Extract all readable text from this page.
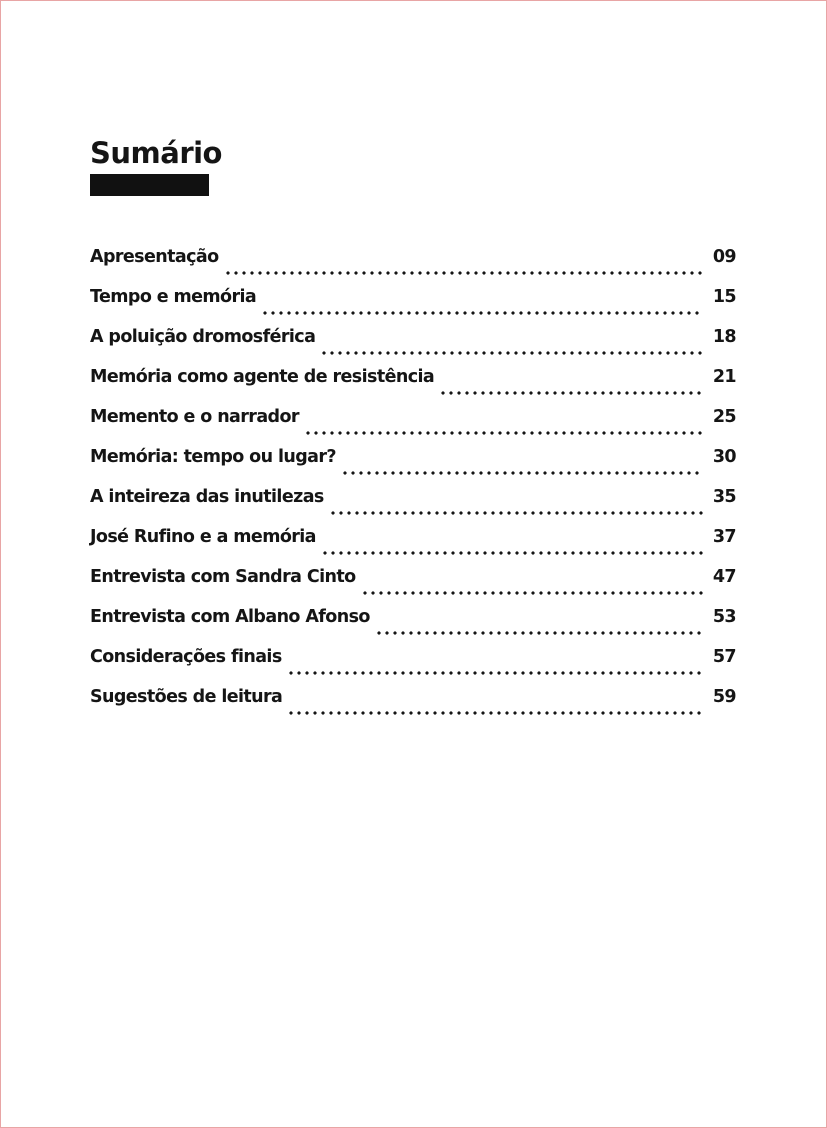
Sumário
Apresentação	09
Tempo e memória	15
A poluição dromosférica	18
Memória como agente de resistência	21
Memento e o narrador	25
Memória: tempo ou lugar?	30
A inteireza das inutilezas	35
José Rufino e a memória	37
Entrevista com Sandra Cinto	47
Entrevista com Albano Afonso	53
Considerações finais	57
Sugestões de leitura	59
